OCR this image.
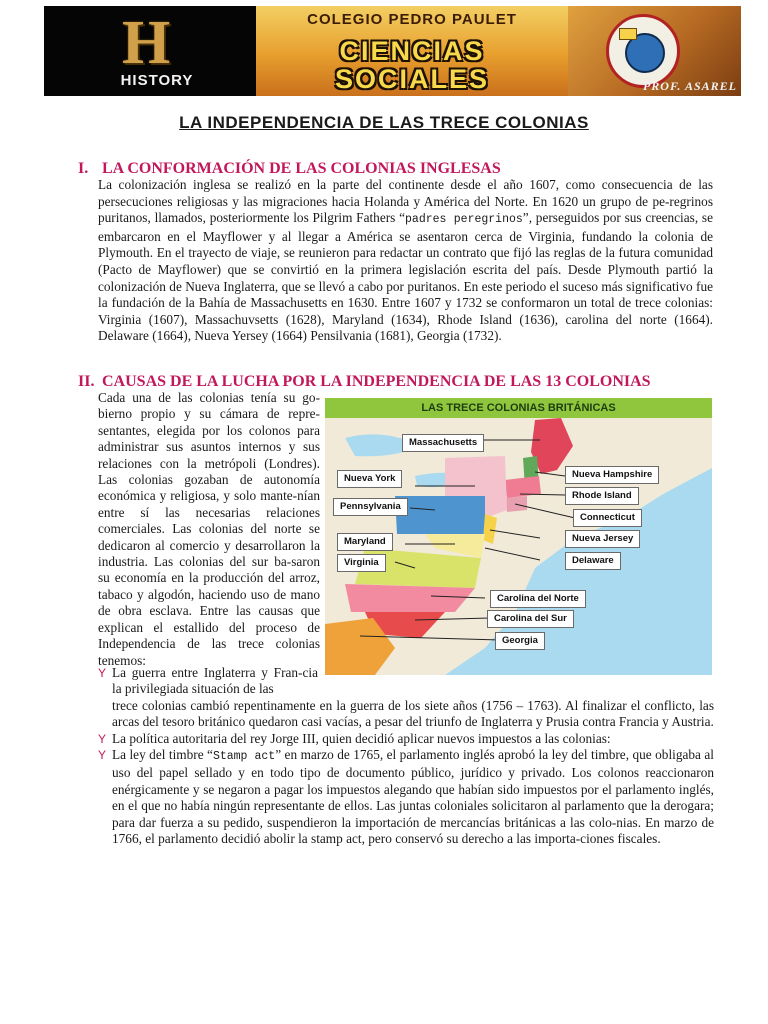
H
HISTORY
COLEGIO PEDRO PAULET
CIENCIAS
SOCIALES	PROF. ASAREL
LA INDEPENDENCIA DE LAS TRECE COLONIAS
I. LA CONFORMACIÓN DE LAS COLONIAS INGLESAS
La colonización inglesa se realizó en la parte del continente desde el año 1607, como consecuencia de las persecuciones religiosas y las migraciones hacia Holanda y América del Norte. En 1620 un grupo de pe-regrinos puritanos, llamados, posteriormente los Pilgrim Fathers “padres peregrinos”, perseguidos por sus creencias, se embarcaron en el Mayflower y al llegar a América se asentaron cerca de Virginia, fundando la colonia de Plymouth. En el trayecto de viaje, se reunieron para redactar un contrato que fijó las reglas de la futura comunidad (Pacto de Mayflower) que se convirtió en la primera legislación escrita del país. Desde Plymouth partió la colonización de Nueva Inglaterra, que se llevó a cabo por puritanos. En este periodo el suceso más significativo fue la fundación de la Bahía de Massachusetts en 1630. Entre 1607 y 1732 se conformaron un total de trece colonias: Virginia (1607), Massachuvsetts (1628), Maryland (1634), Rhode Island (1636), carolina del norte (1664). Delaware (1664), Nueva Yersey (1664) Pensilvania (1681), Georgia (1732).
II. CAUSAS DE LA LUCHA POR LA INDEPENDENCIA DE LAS 13 COLONIAS
Cada una de las colonias tenía su go-bierno propio y su cámara de repre-sentantes, elegida por los colonos para administrar sus asuntos internos y sus relaciones con la metrópoli (Londres). Las colonias gozaban de autonomía económica y religiosa, y solo mante-nían entre sí las necesarias relaciones comerciales. Las colonias del norte se dedicaron al comercio y desarrollaron la industria. Las colonias del sur ba-saron su economía en la producción del arroz, tabaco y algodón, haciendo uso de mano de obra esclava. Entre las causas que explican el estallido del proceso de Independencia de las trece colonias tenemos:
LAS TRECE COLONIAS BRITÁNICAS
Massachusetts
Nueva York	Nueva Hampshire
Rhode Island
Pennsylvania
Connecticut
Maryland	Nueva Jersey
Virginia	Delaware
Carolina del Norte
Carolina del Sur
Georgia
Y La guerra entre Inglaterra y Fran-cia la privilegiada situación de las
trece colonias cambió repentinamente en la guerra de los siete años (1756 – 1763). Al finalizar el conflicto, las arcas del tesoro británico quedaron casi vacías, a pesar del triunfo de Inglaterra y Prusia contra Francia y Austria.
Y La política autoritaria del rey Jorge III, quien decidió aplicar nuevos impuestos a las colonias:
Y La ley del timbre “Stamp act” en marzo de 1765, el parlamento inglés aprobó la ley del timbre, que obligaba al uso del papel sellado y en todo tipo de documento público, jurídico y privado. Los colonos reaccionaron enérgicamente y se negaron a pagar los impuestos alegando que habían sido impuestos por el parlamento inglés, en el que no había ningún representante de ellos. Las juntas coloniales solicitaron al parlamento que la derogara; para dar fuerza a su pedido, suspendieron la importación de mercancías británicas a las colo-nias. En marzo de 1766, el parlamento decidió abolir la stamp act, pero conservó su derecho a las importa-ciones fiscales.
